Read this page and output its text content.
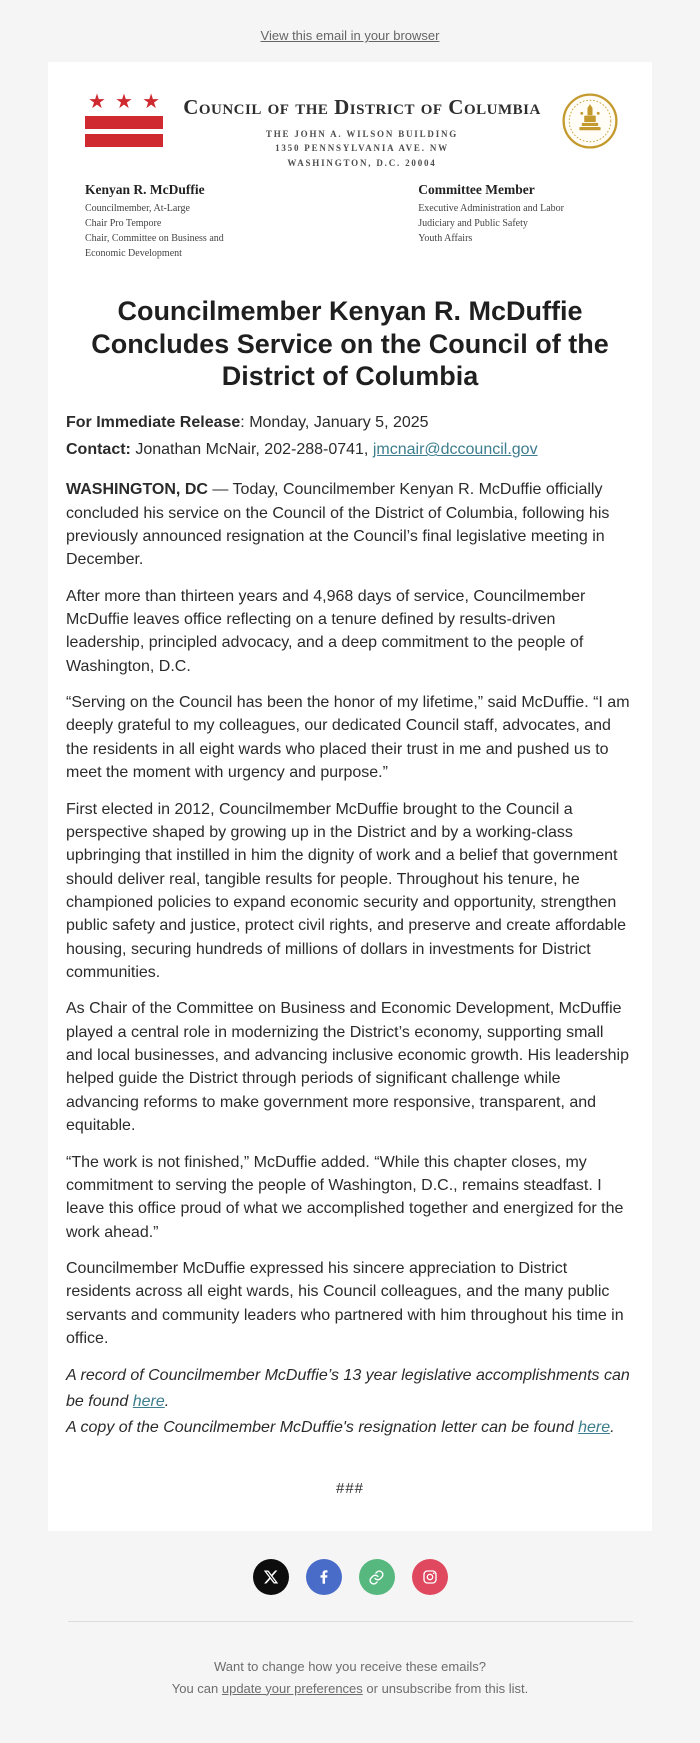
View this email in your browser
★ ★ ★	Council of the District of Columbia
THE JOHN A. WILSON BUILDING
1350 PENNSYLVANIA AVE. NW
WASHINGTON, D.C. 20004
Kenyan R. McDuffie
Councilmember, At-Large
Chair Pro Tempore
Chair, Committee on Business and
Economic Development
Committee Member
Executive Administration and Labor
Judiciary and Public Safety
Youth Affairs
Councilmember Kenyan R. McDuffie Concludes Service on the Council of the District of Columbia
For Immediate Release: Monday, January 5, 2025
Contact: Jonathan McNair, 202-288-0741, jmcnair@dccouncil.gov

WASHINGTON, DC — Today, Councilmember Kenyan R. McDuffie officially concluded his service on the Council of the District of Columbia, following his previously announced resignation at the Council’s final legislative meeting in December.

After more than thirteen years and 4,968 days of service, Councilmember McDuffie leaves office reflecting on a tenure defined by results-driven leadership, principled advocacy, and a deep commitment to the people of Washington, D.C.

“Serving on the Council has been the honor of my lifetime,” said McDuffie. “I am deeply grateful to my colleagues, our dedicated Council staff, advocates, and the residents in all eight wards who placed their trust in me and pushed us to meet the moment with urgency and purpose.”

First elected in 2012, Councilmember McDuffie brought to the Council a perspective shaped by growing up in the District and by a working-class upbringing that instilled in him the dignity of work and a belief that government should deliver real, tangible results for people. Throughout his tenure, he championed policies to expand economic security and opportunity, strengthen public safety and justice, protect civil rights, and preserve and create affordable housing, securing hundreds of millions of dollars in investments for District communities.

As Chair of the Committee on Business and Economic Development, McDuffie played a central role in modernizing the District’s economy, supporting small and local businesses, and advancing inclusive economic growth. His leadership helped guide the District through periods of significant challenge while advancing reforms to make government more responsive, transparent, and equitable.

“The work is not finished,” McDuffie added. “While this chapter closes, my commitment to serving the people of Washington, D.C., remains steadfast. I leave this office proud of what we accomplished together and energized for the work ahead.”

Councilmember McDuffie expressed his sincere appreciation to District residents across all eight wards, his Council colleagues, and the many public servants and community leaders who partnered with him throughout his time in office.

A record of Councilmember McDuffie’s 13 year legislative accomplishments can be found here.
A copy of the Councilmember McDuffie's resignation letter can be found here.

###
Want to change how you receive these emails?
You can update your preferences or unsubscribe from this list.
